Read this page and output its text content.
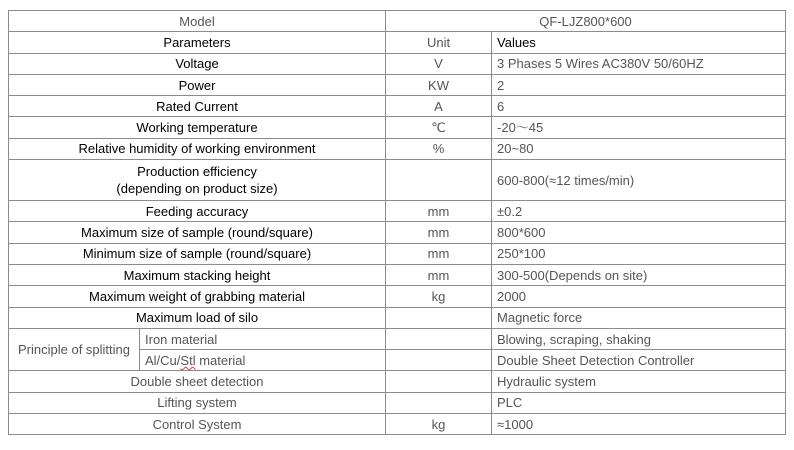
Model		QF-LJZ800*600	
Parameters		Unit	Values
Voltage		V	3 Phases 5 Wires AC380V 50/60HZ
Power		KW	2
Rated Current		A	6
Working temperature		℃	-20～45
Relative humidity of working environment		%	20~80

Production efficiency
(depending on product size)			600-800(≈12 times/min)
Feeding accuracy		mm	±0.2
Maximum size of sample (round/square)		mm	800*600
Minimum size of sample (round/square)		mm	250*100
Maximum stacking height		mm	300-500(Depends on site)
Maximum weight of grabbing material		kg	2000
Maximum load of silo			Magnetic force
Principle of splitting	Iron material		Blowing, scraping, shaking
	Al/Cu/Stl material		Double Sheet Detection Controller
Double sheet detection			Hydraulic system
Lifting system			PLC
Control System		kg	≈1000
